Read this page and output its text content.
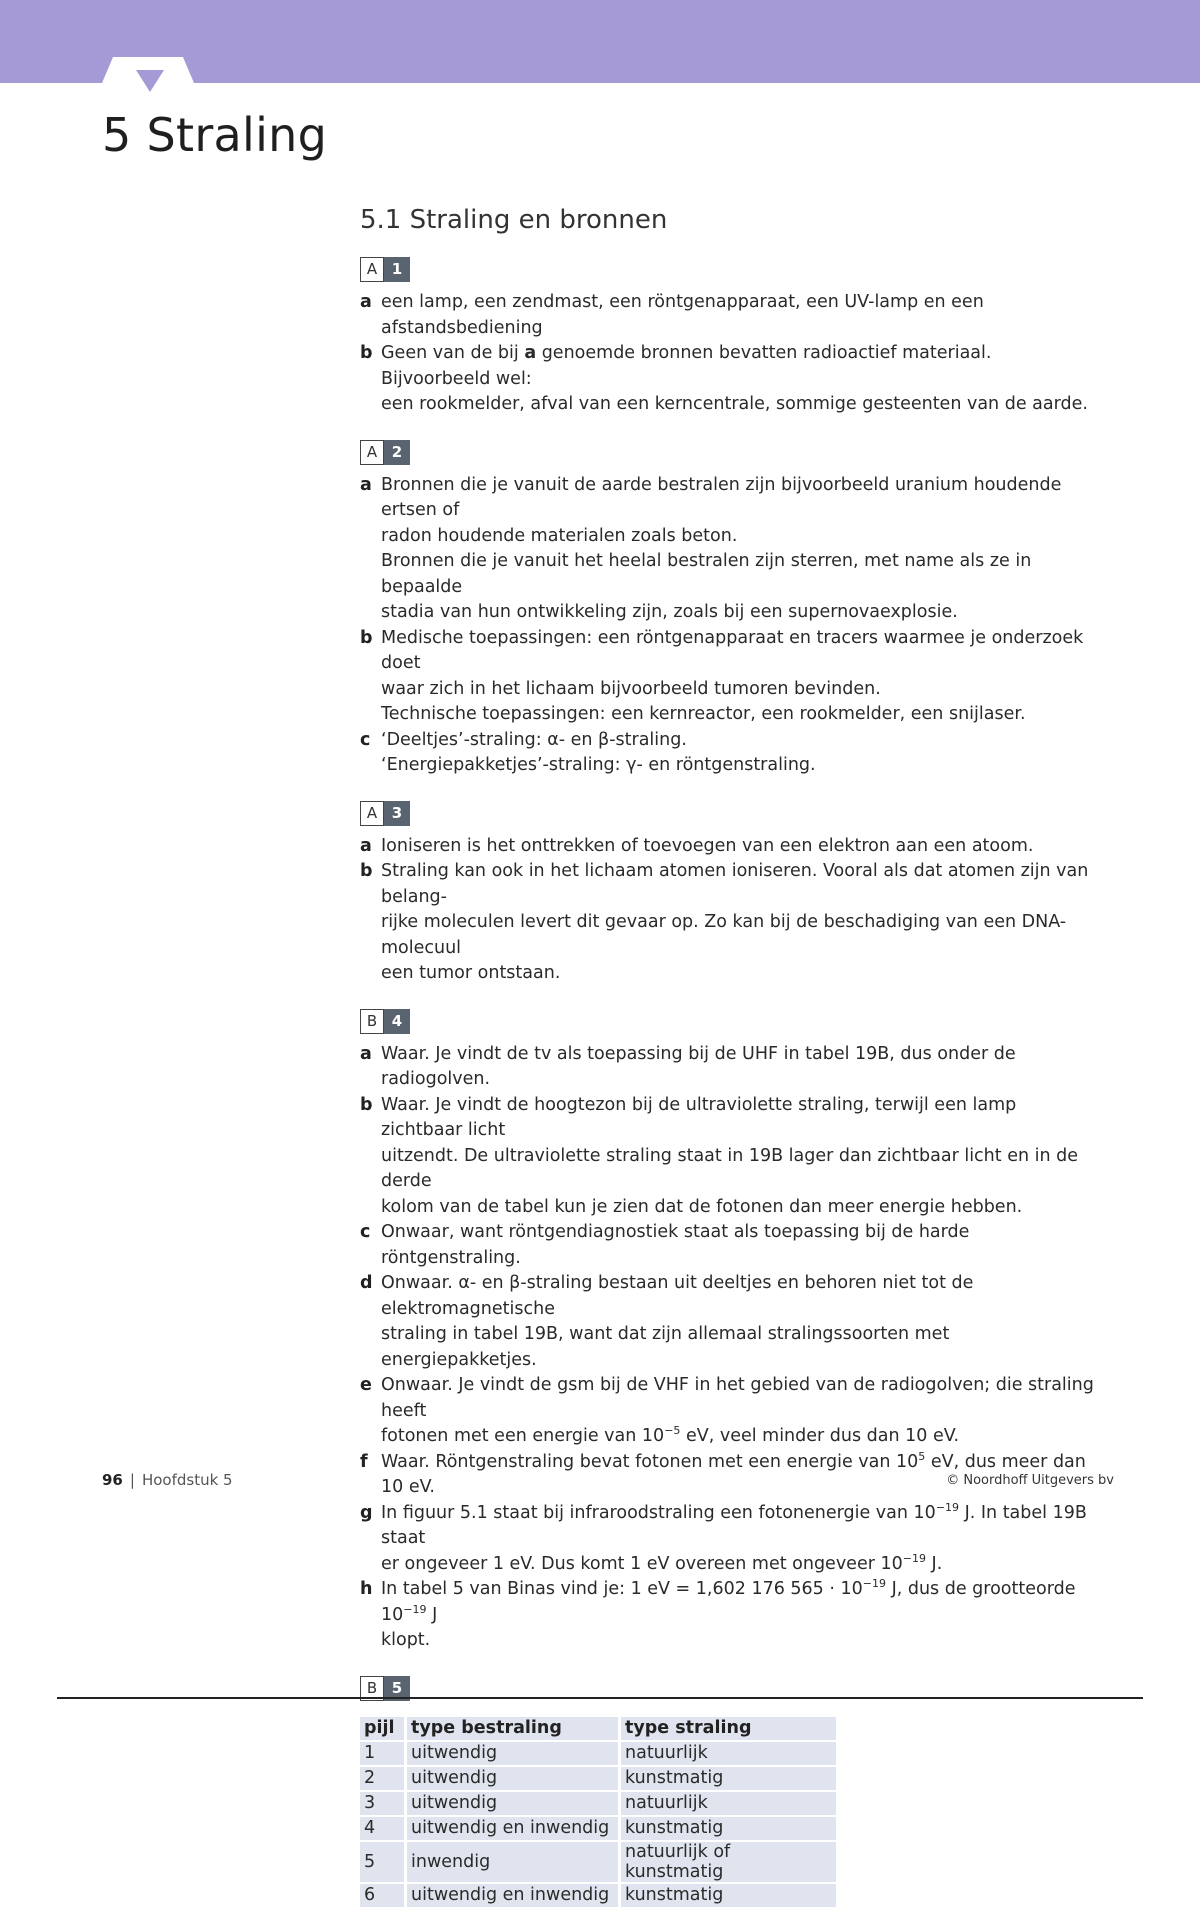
5 Straling
5.1 Straling en bronnen
A 1
a een lamp, een zendmast, een röntgenapparaat, een UV-lamp en een afstandsbediening
b Geen van de bij a genoemde bronnen bevatten radioactief materiaal. Bijvoorbeeld wel:
een rookmelder, afval van een kerncentrale, sommige gesteenten van de aarde.
A 2
a Bronnen die je vanuit de aarde bestralen zijn bijvoorbeeld uranium houdende ertsen of
radon houdende materialen zoals beton.
Bronnen die je vanuit het heelal bestralen zijn sterren, met name als ze in bepaalde
stadia van hun ontwikkeling zijn, zoals bij een supernovaexplosie.
b Medische toepassingen: een röntgenapparaat en tracers waarmee je onderzoek doet
waar zich in het lichaam bijvoorbeeld tumoren bevinden.
Technische toepassingen: een kernreactor, een rookmelder, een snijlaser.
c ‘Deeltjes’-straling: α- en β-straling.
‘Energiepakketjes’-straling: γ- en röntgenstraling.
A 3
a Ioniseren is het onttrekken of toevoegen van een elektron aan een atoom.
b Straling kan ook in het lichaam atomen ioniseren. Vooral als dat atomen zijn van belang-
rijke moleculen levert dit gevaar op. Zo kan bij de beschadiging van een DNA-molecuul
een tumor ontstaan.
B 4
a Waar. Je vindt de tv als toepassing bij de UHF in tabel 19B, dus onder de radiogolven.
b Waar. Je vindt de hoogtezon bij de ultraviolette straling, terwijl een lamp zichtbaar licht
uitzendt. De ultraviolette straling staat in 19B lager dan zichtbaar licht en in de derde
kolom van de tabel kun je zien dat de fotonen dan meer energie hebben.
c Onwaar, want röntgendiagnostiek staat als toepassing bij de harde röntgenstraling.
d Onwaar. α- en β-straling bestaan uit deeltjes en behoren niet tot de elektromagnetische
straling in tabel 19B, want dat zijn allemaal stralingssoorten met energiepakketjes.
e Onwaar. Je vindt de gsm bij de VHF in het gebied van de radiogolven; die straling heeft
fotonen met een energie van $10^{-5}$ eV, veel minder dus dan 10 eV.
f Waar. Röntgenstraling bevat fotonen met een energie van $10^5$ eV, dus meer dan 10 eV.
g In figuur 5.1 staat bij infraroodstraling een fotonenergie van $10^{-19}$ J. In tabel 19B staat
er ongeveer 1 eV. Dus komt 1 eV overeen met ongeveer $10^{-19}$ J.
h In tabel 5 van Binas vind je: 1 eV = 1,602 176 $565 \cdot 10^{-19}$ J, dus de grootteorde $10^{-19}$ J
klopt.
B 5
pijl	type bestraling	type straling
1	uitwendig	natuurlijk
2	uitwendig	kunstmatig
3	uitwendig	natuurlijk
4	uitwendig en inwendig	kunstmatig
5	inwendig	natuurlijk of kunstmatig
6	uitwendig en inwendig	kunstmatig
96 | Hoofdstuk 5	© Noordhoff Uitgevers bv
